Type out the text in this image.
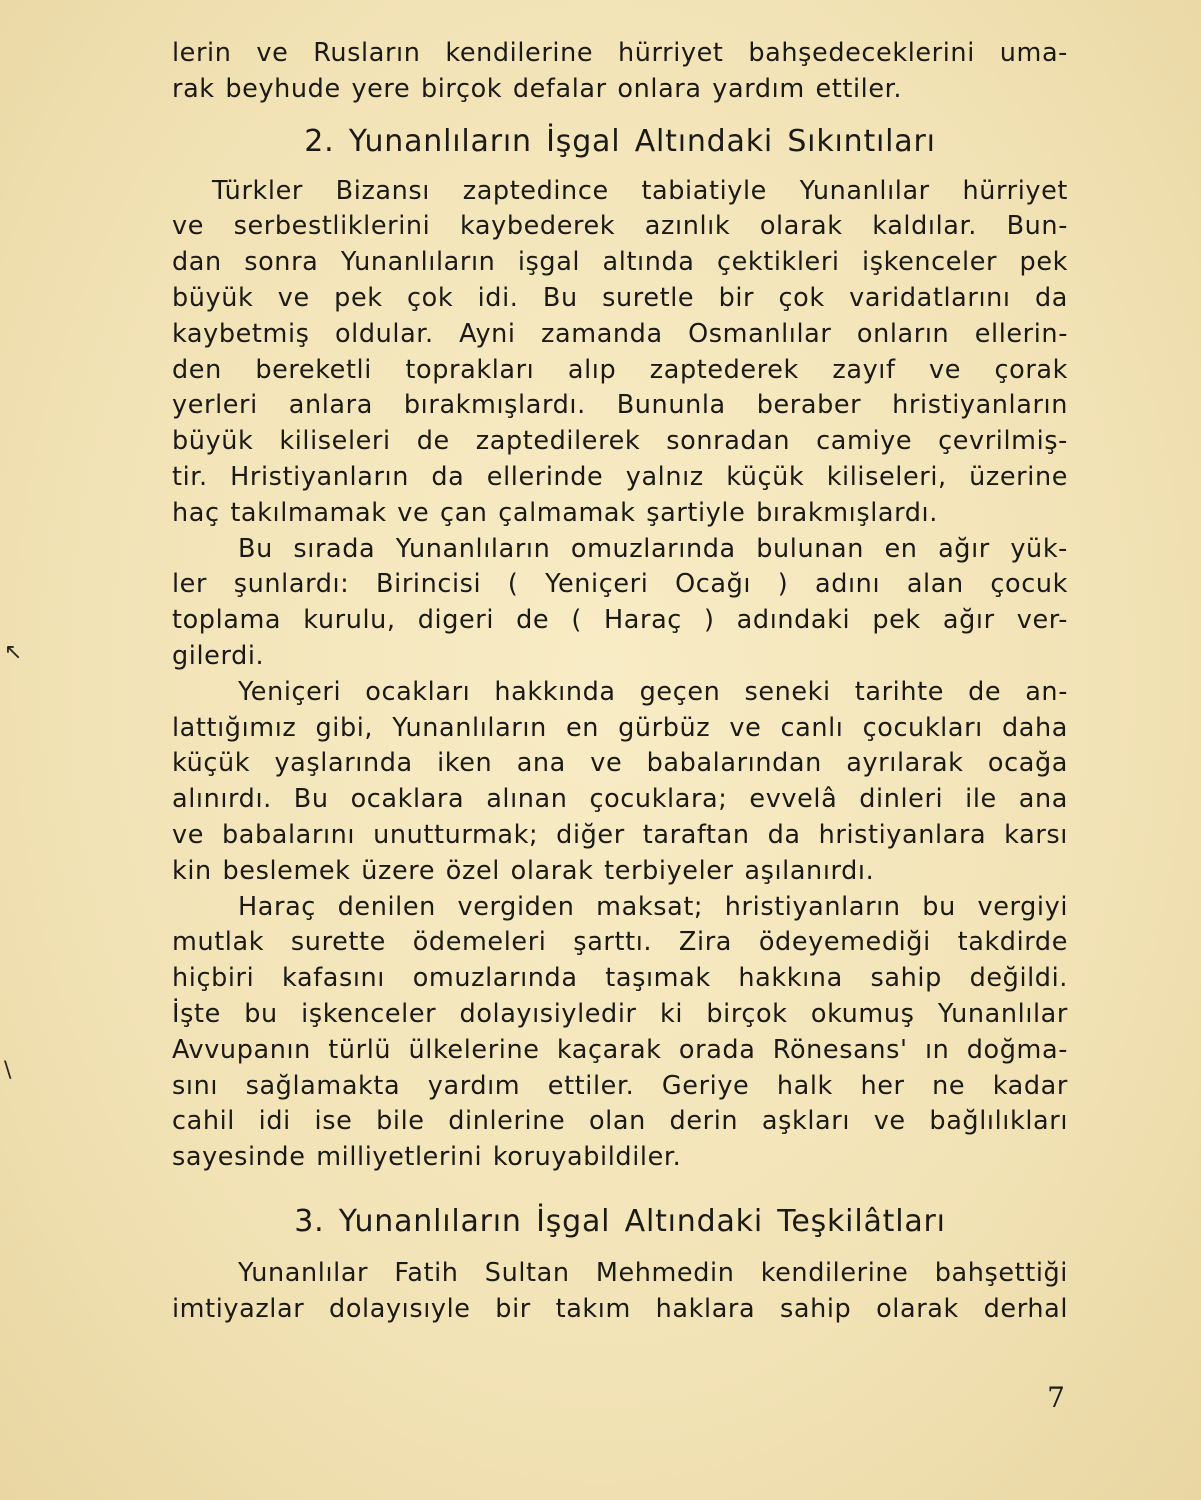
↖
\
lerin ve Rusların kendilerine hürriyet bahşedeceklerini uma-
rak beyhude yere birçok defalar onlara yardım ettiler.
2. Yunanlıların İşgal Altındaki Sıkıntıları
Türkler Bizansı zaptedince tabiatiyle Yunanlılar hürriyet
ve serbestliklerini kaybederek azınlık olarak kaldılar. Bun-
dan sonra Yunanlıların işgal altında çektikleri işkenceler pek
büyük ve pek çok idi. Bu suretle bir çok varidatlarını da
kaybetmiş oldular. Ayni zamanda Osmanlılar onların ellerin-
den bereketli toprakları alıp zaptederek zayıf ve çorak
yerleri anlara bırakmışlardı. Bununla beraber hristiyanların
büyük kiliseleri de zaptedilerek sonradan camiye çevrilmiş-
tir. Hristiyanların da ellerinde yalnız küçük kiliseleri, üzerine
haç takılmamak ve çan çalmamak şartiyle bırakmışlardı.
Bu sırada Yunanlıların omuzlarında bulunan en ağır yük-
ler şunlardı: Birincisi ( Yeniçeri Ocağı ) adını alan çocuk
toplama kurulu, digeri de ( Haraç ) adındaki pek ağır ver-
gilerdi.
Yeniçeri ocakları hakkında geçen seneki tarihte de an-
lattığımız gibi, Yunanlıların en gürbüz ve canlı çocukları daha
küçük yaşlarında iken ana ve babalarından ayrılarak ocağa
alınırdı. Bu ocaklara alınan çocuklara; evvelâ dinleri ile ana
ve babalarını unutturmak; diğer taraftan da hristiyanlara karsı
kin beslemek üzere özel olarak terbiyeler aşılanırdı.
Haraç denilen vergiden maksat; hristiyanların bu vergiyi
mutlak surette ödemeleri şarttı. Zira ödeyemediği takdirde
hiçbiri kafasını omuzlarında taşımak hakkına sahip değildi.
İşte bu işkenceler dolayısiyledir ki birçok okumuş Yunanlılar
Avvupanın türlü ülkelerine kaçarak orada Rönesans' ın doğma-
sını sağlamakta yardım ettiler. Geriye halk her ne kadar
cahil idi ise bile dinlerine olan derin aşkları ve bağlılıkları
sayesinde milliyetlerini koruyabildiler.
3. Yunanlıların İşgal Altındaki Teşkilâtları
Yunanlılar Fatih Sultan Mehmedin kendilerine bahşettiği
imtiyazlar dolayısıyle bir takım haklara sahip olarak derhal
7
